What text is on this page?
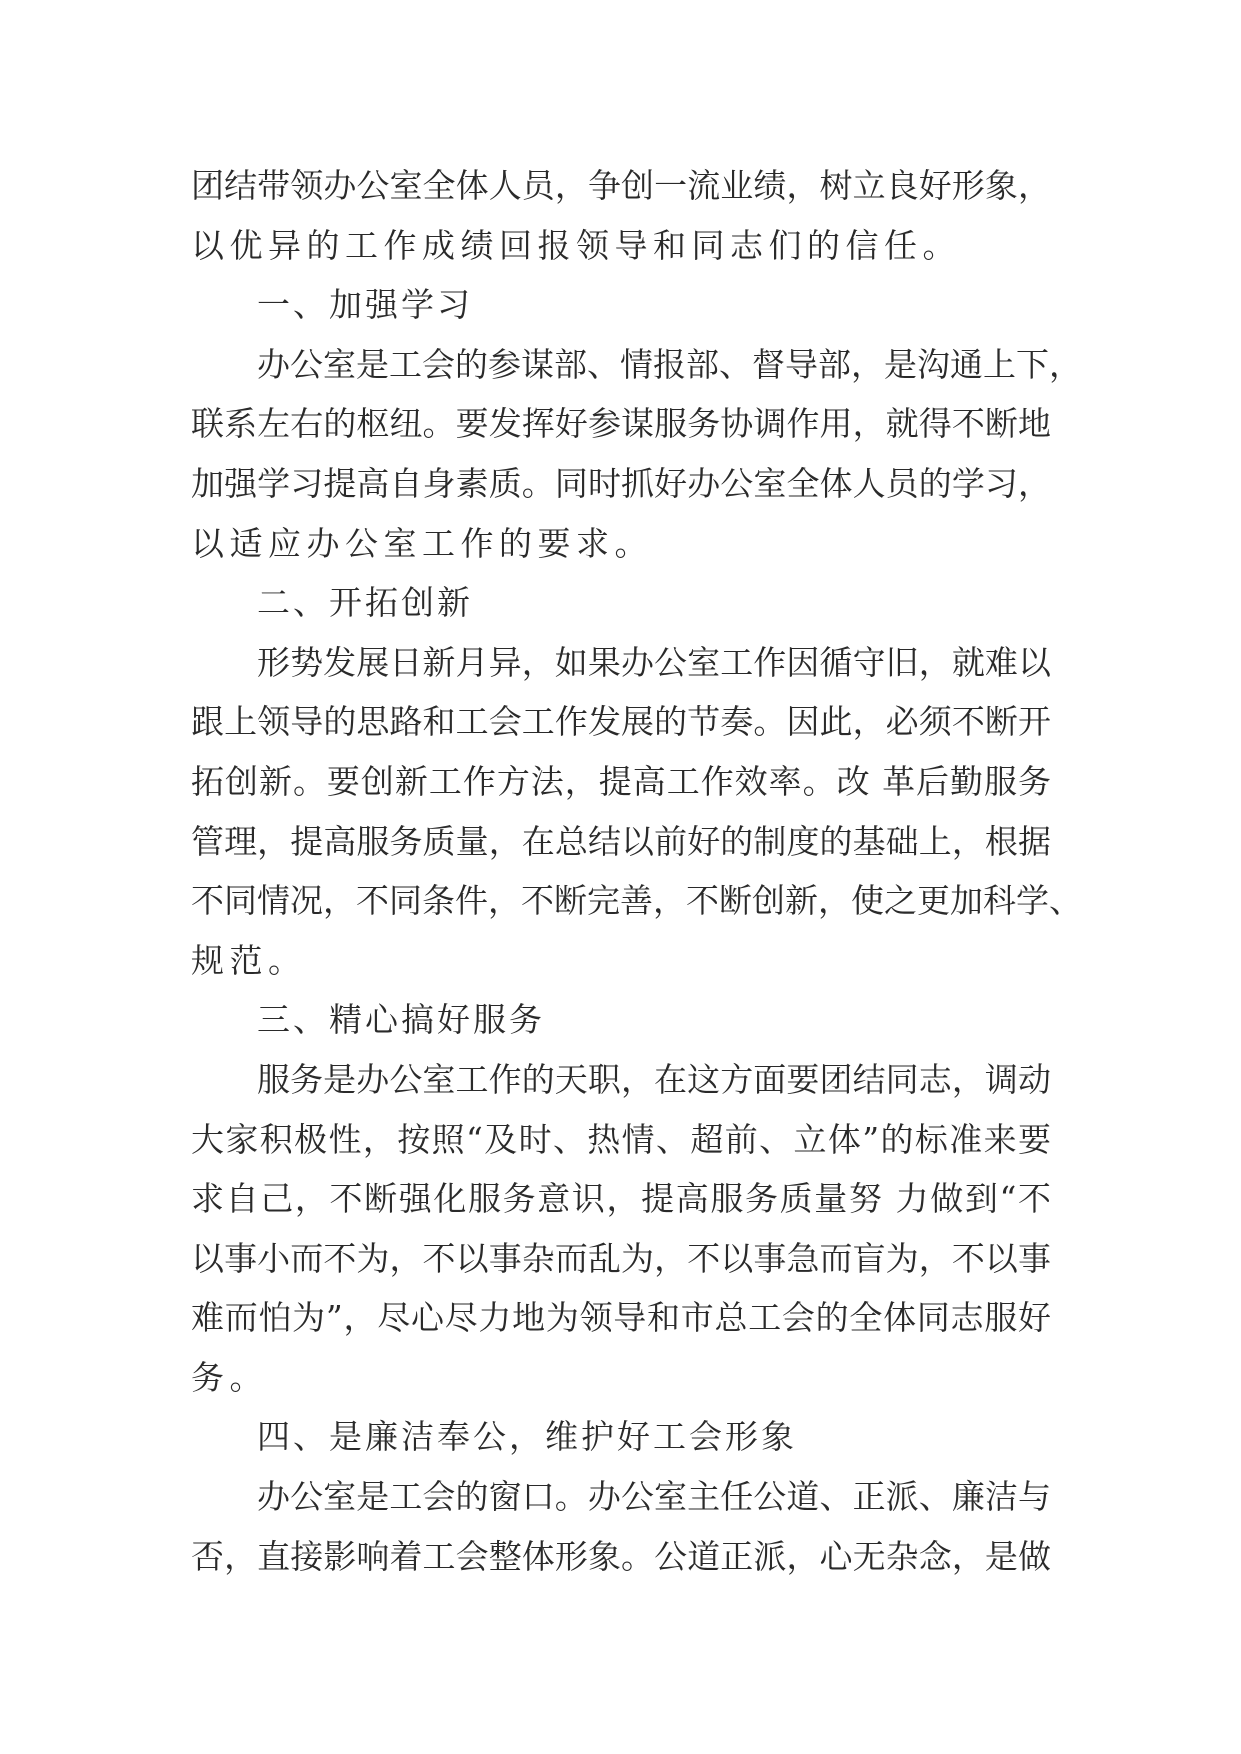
团结带领办公室全体人员，争创一流业绩，树立良好形象，
以优异的工作成绩回报领导和同志们的信任。
一、加强学习
办公室是工会的参谋部、情报部、督导部，是沟通上下，
联系左右的枢纽。要发挥好参谋服务协调作用，就得不断地
加强学习提高自身素质。同时抓好办公室全体人员的学习，
以适应办公室工作的要求。
二、开拓创新
形势发展日新月异，如果办公室工作因循守旧，就难以
跟上领导的思路和工会工作发展的节奏。因此，必须不断开
拓创新。要创新工作方法，提高工作效率。改 革后勤服务
管理，提高服务质量，在总结以前好的制度的基础上，根据
不同情况，不同条件，不断完善，不断创新，使之更加科学、
规范。
三、精心搞好服务
服务是办公室工作的天职，在这方面要团结同志，调动
大家积极性，按照“及时、热情、超前、立体”的标准来要
求自己，不断强化服务意识，提高服务质量努 力做到“不
以事小而不为，不以事杂而乱为，不以事急而盲为，不以事
难而怕为”，尽心尽力地为领导和市总工会的全体同志服好
务。
四、是廉洁奉公，维护好工会形象
办公室是工会的窗口。办公室主任公道、正派、廉洁与
否，直接影响着工会整体形象。公道正派，心无杂念，是做
